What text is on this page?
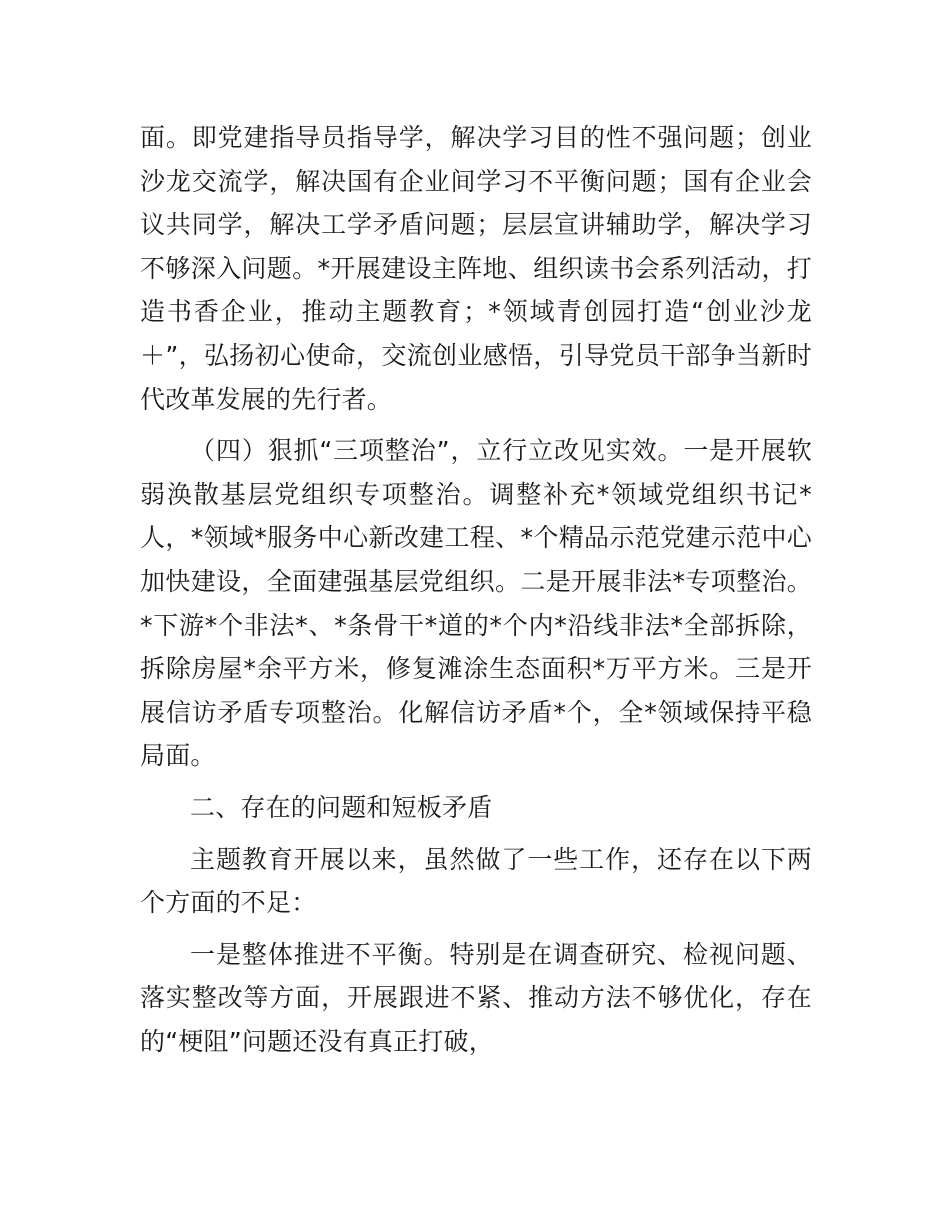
面。即党建指导员指导学，解决学习目的性不强问题；创业沙龙交流学，解决国有企业间学习不平衡问题；国有企业会议共同学，解决工学矛盾问题；层层宣讲辅助学，解决学习不够深入问题。*开展建设主阵地、组织读书会系列活动，打造书香企业，推动主题教育；*领域青创园打造“创业沙龙＋”，弘扬初心使命，交流创业感悟，引导党员干部争当新时代改革发展的先行者。

（四）狠抓“三项整治”，立行立改见实效。一是开展软弱涣散基层党组织专项整治。调整补充*领域党组织书记*人，*领域*服务中心新改建工程、*个精品示范党建示范中心加快建设，全面建强基层党组织。二是开展非法*专项整治。*下游*个非法*、*条骨干*道的*个内*沿线非法*全部拆除，拆除房屋*余平方米，修复滩涂生态面积*万平方米。三是开展信访矛盾专项整治。化解信访矛盾*个，全*领域保持平稳局面。

二、存在的问题和短板矛盾

主题教育开展以来，虽然做了一些工作，还存在以下两个方面的不足：

一是整体推进不平衡。特别是在调查研究、检视问题、落实整改等方面，开展跟进不紧、推动方法不够优化，存在的“梗阻”问题还没有真正打破，
